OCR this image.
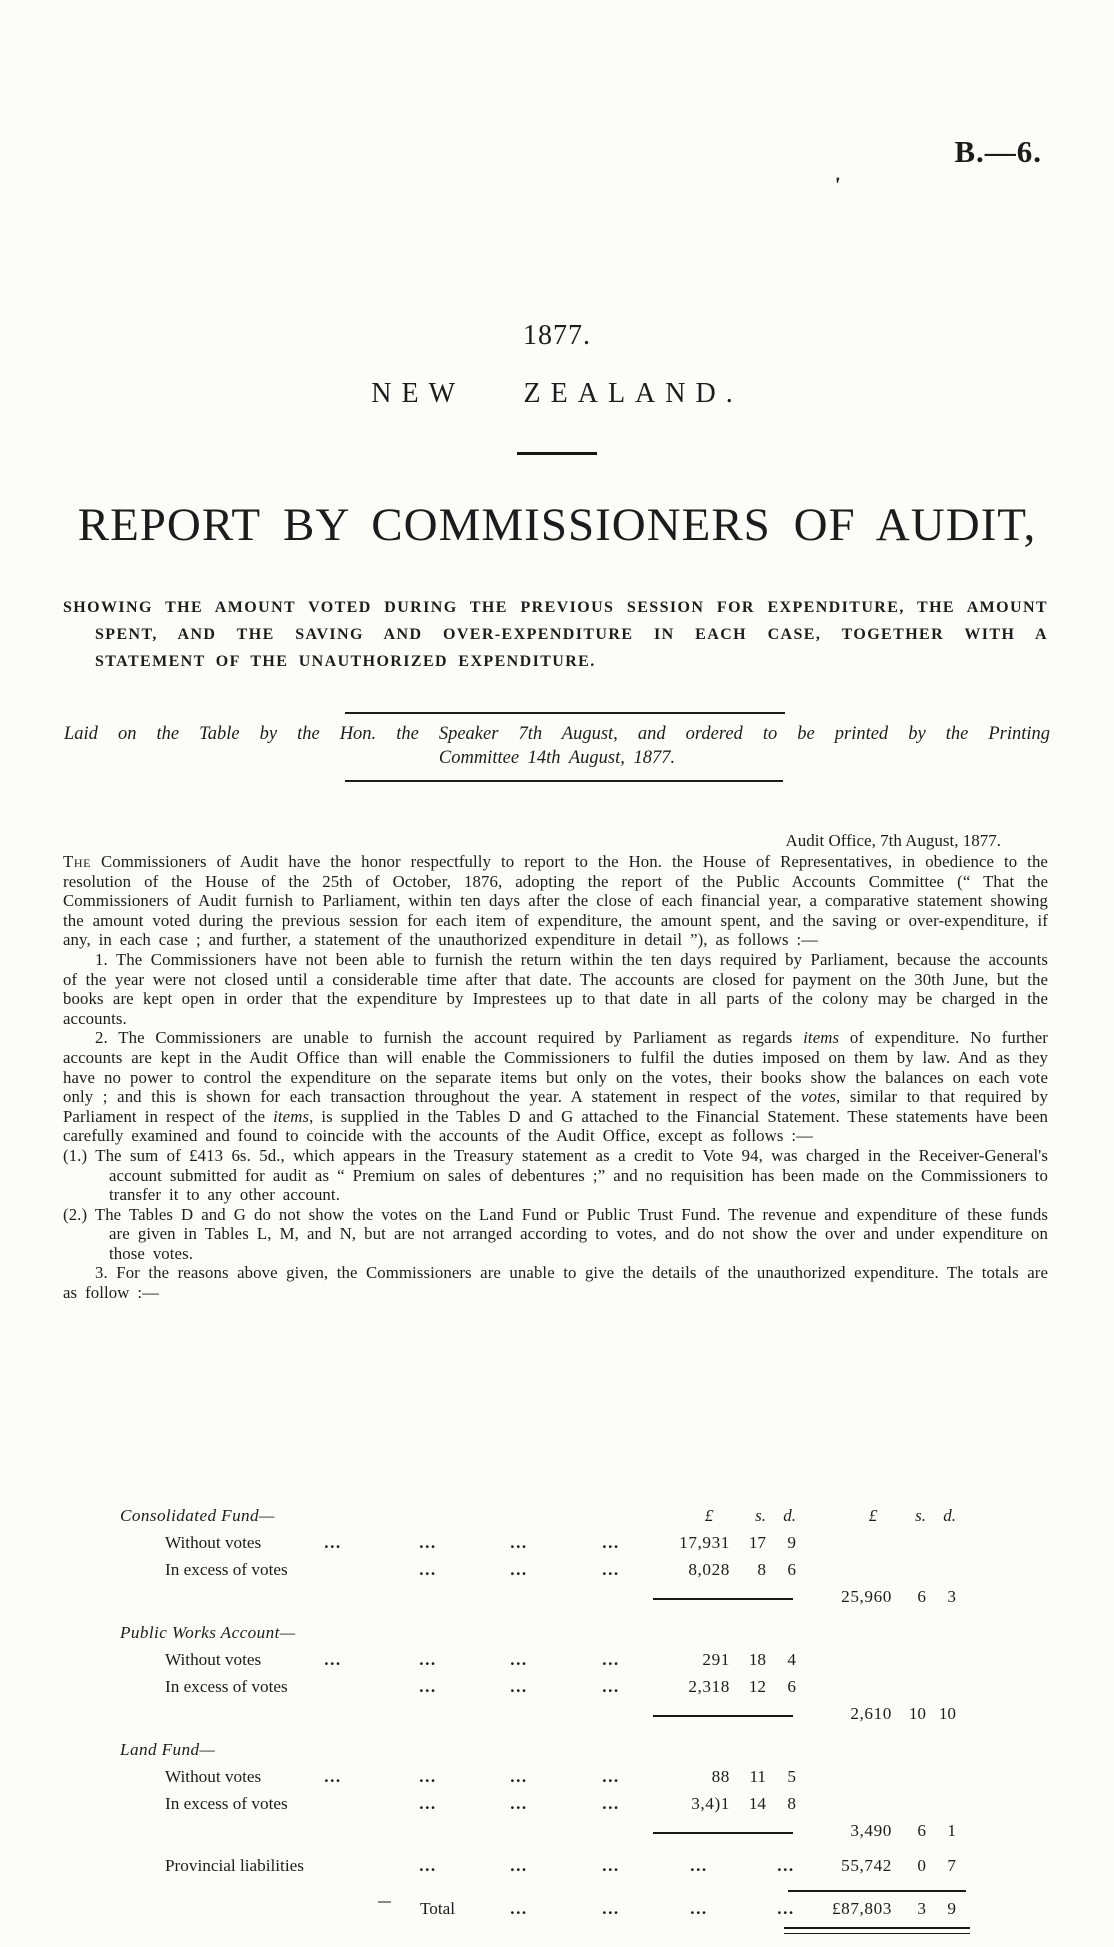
B.—6.
'
1877.
NEW ZEALAND.
REPORT BY COMMISSIONERS OF AUDIT,
SHOWING THE AMOUNT VOTED DURING THE PREVIOUS SESSION FOR EXPENDITURE, THE AMOUNT SPENT, AND THE SAVING AND OVER-EXPENDITURE IN EACH CASE, TOGETHER WITH A STATEMENT OF THE UNAUTHORIZED EXPENDITURE.
Laid on the Table by the Hon. the Speaker 7th August, and ordered to be printed by the Printing
Committee 14th August, 1877.
Audit Office, 7th August, 1877.

The Commissioners of Audit have the honor respectfully to report to the Hon. the House of Representatives, in obedience to the resolution of the House of the 25th of October, 1876, adopting the report of the Public Accounts Committee (“ That the Commissioners of Audit furnish to Parliament, within ten days after the close of each financial year, a comparative statement showing the amount voted during the previous session for each item of expenditure, the amount spent, and the saving or over-expenditure, if any, in each case ; and further, a statement of the unauthorized expenditure in detail ”), as follows :—

1. The Commissioners have not been able to furnish the return within the ten days required by Parliament, because the accounts of the year were not closed until a considerable time after that date. The accounts are closed for payment on the 30th June, but the books are kept open in order that the expenditure by Imprestees up to that date in all parts of the colony may be charged in the accounts.

2. The Commissioners are unable to furnish the account required by Parliament as regards items of expenditure. No further accounts are kept in the Audit Office than will enable the Commissioners to fulfil the duties imposed on them by law. And as they have no power to control the expenditure on the separate items but only on the votes, their books show the balances on each vote only ; and this is shown for each transaction throughout the year. A statement in respect of the votes, similar to that required by Parliament in respect of the items, is supplied in the Tables D and G attached to the Financial Statement. These statements have been carefully examined and found to coincide with the accounts of the Audit Office, except as follows :—

(1.) The sum of £413 6s. 5d., which appears in the Treasury statement as a credit to Vote 94, was charged in the Receiver-General's account submitted for audit as “ Premium on sales of debentures ;” and no requisition has been made on the Commissioners to transfer it to any other account.

(2.) The Tables D and G do not show the votes on the Land Fund or Public Trust Fund. The revenue and expenditure of these funds are given in Tables L, M, and N, but are not arranged according to votes, and do not show the over and under expenditure on those votes.

3. For the reasons above given, the Commissioners are unable to give the details of the unauthorized expenditure. The totals are as follow :—

Consolidated Fund—	£	s.	d.	£	s.	d.
Without votes	...	...	...	...	17,931	17	9
In excess of votes	...	...	...	8,028	8	6
25,960	6	3
Public Works Account—
Without votes	...	...	...	...	291	18	4
In excess of votes	...	...	...	2,318	12	6
2,610 10 10
Land Fund—
Without votes	...	...	...	...	88	11	5
In excess of votes	...	...	...	3,4)1	14	8
3,490	6	1
Provincial liabilities	...	...	...	...	...	55,742	0	7
Total	...	...	...	...	£87,803	3	9
